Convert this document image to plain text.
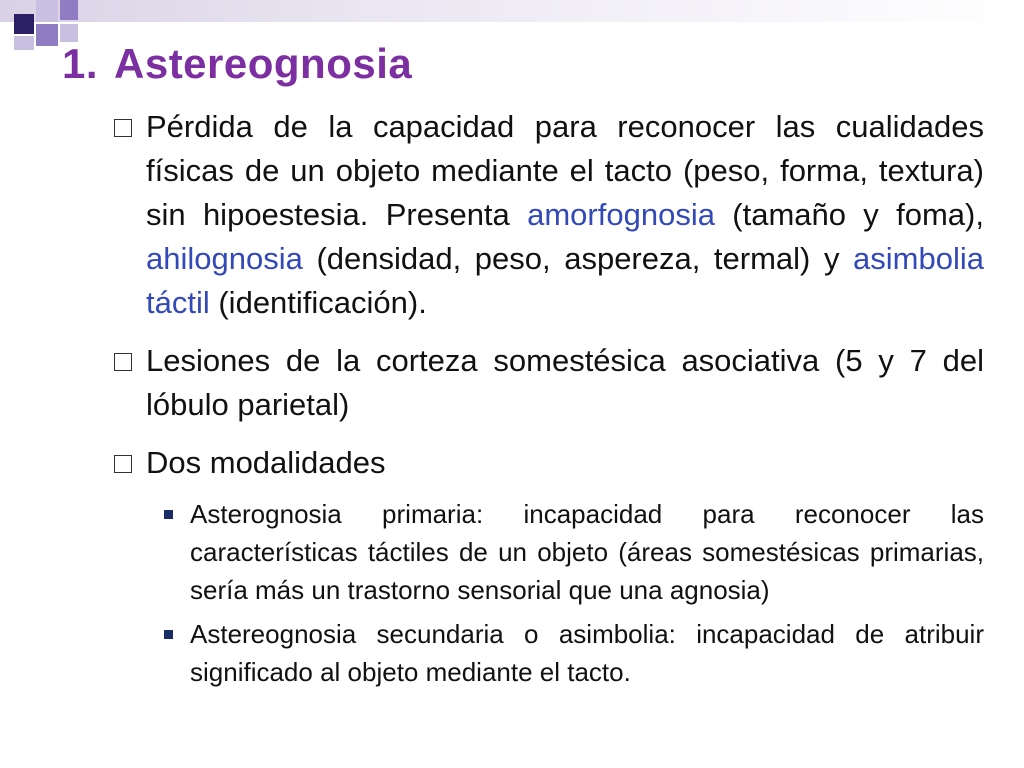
1. Astereognosia
Pérdida de la capacidad para reconocer las cualidades físicas de un objeto mediante el tacto (peso, forma, textura) sin hipoestesia. Presenta amorfognosia (tamaño y foma), ahilognosia (densidad, peso, aspereza, termal) y asimbolia táctil (identificación).
Lesiones de la corteza somestésica asociativa (5 y 7 del lóbulo parietal)
Dos modalidades
Asterognosia primaria: incapacidad para reconocer las características táctiles de un objeto (áreas somestésicas primarias, sería más un trastorno sensorial que una agnosia)
Astereognosia secundaria o asimbolia: incapacidad de atribuir significado al objeto mediante el tacto.
